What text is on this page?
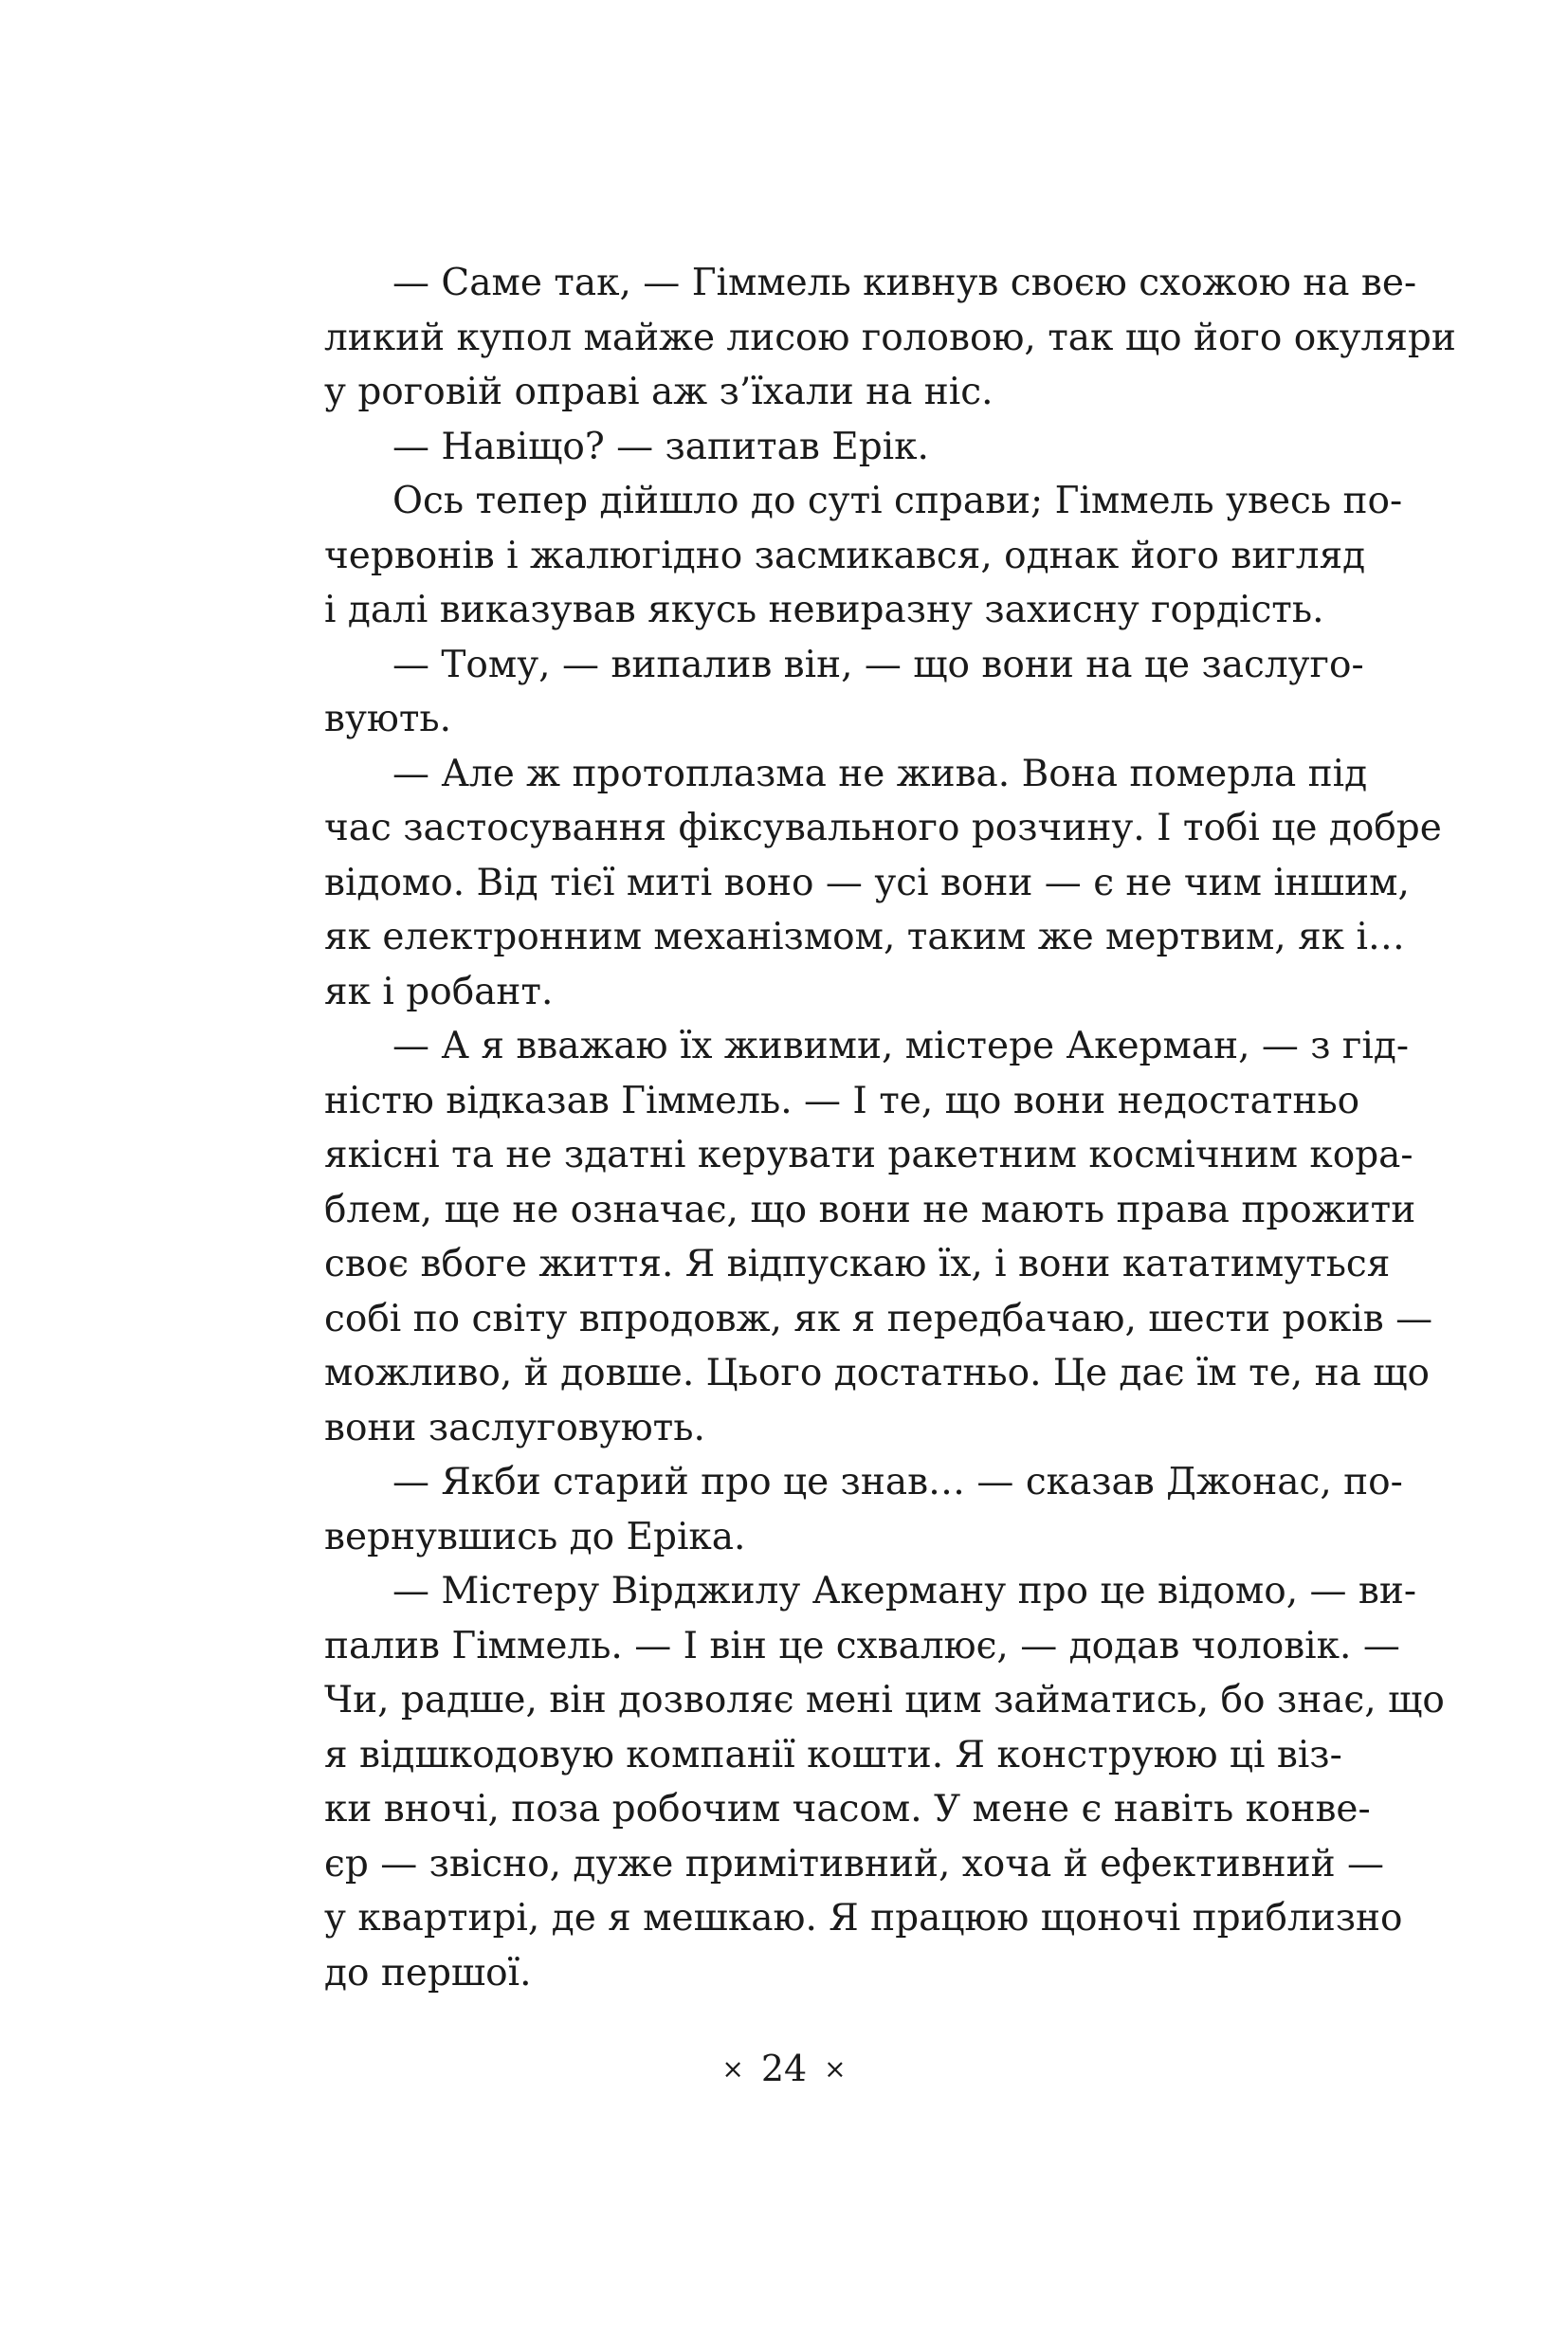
— Саме так, — Гіммель кивнув своєю схожою на ве-
ликий купол майже лисою головою, так що його окуляри
у роговій оправі аж з’їхали на ніс.
— Навіщо? — запитав Ерік.
Ось тепер дійшло до суті справи; Гіммель увесь по-
червонів і жалюгідно засмикався, однак його вигляд
і далі виказував якусь невиразну захисну гордість.
— Тому, — випалив він, — що вони на це заслуго-
вують.
— Але ж протоплазма не жива. Вона померла під
час застосування фіксувального розчину. І тобі це добре
відомо. Від тієї миті воно — усі вони — є не чим іншим,
як електронним механізмом, таким же мертвим, як і…
як і робант.
— А я вважаю їх живими, містере Акерман, — з гід-
ністю відказав Гіммель. — І те, що вони недостатньо
якісні та не здатні керувати ракетним космічним кора-
блем, ще не означає, що вони не мають права прожити
своє вбоге життя. Я відпускаю їх, і вони кататимуться
собі по світу впродовж, як я передбачаю, шести років —
можливо, й довше. Цього достатньо. Це дає їм те, на що
вони заслуговують.
— Якби старий про це знав… — сказав Джонас, по-
вернувшись до Еріка.
— Містеру Вірджилу Акерману про це відомо, — ви-
палив Гіммель. — І він це схвалює, — додав чоловік. —
Чи, радше, він дозволяє мені цим займатись, бо знає, що
я відшкодовую компанії кошти. Я конструюю ці віз-
ки вночі, поза робочим часом. У мене є навіть конве-
єр — звісно, дуже примітивний, хоча й ефективний —
у квартирі, де я мешкаю. Я працюю щоночі приблизно
до першої.
× 24 ×
